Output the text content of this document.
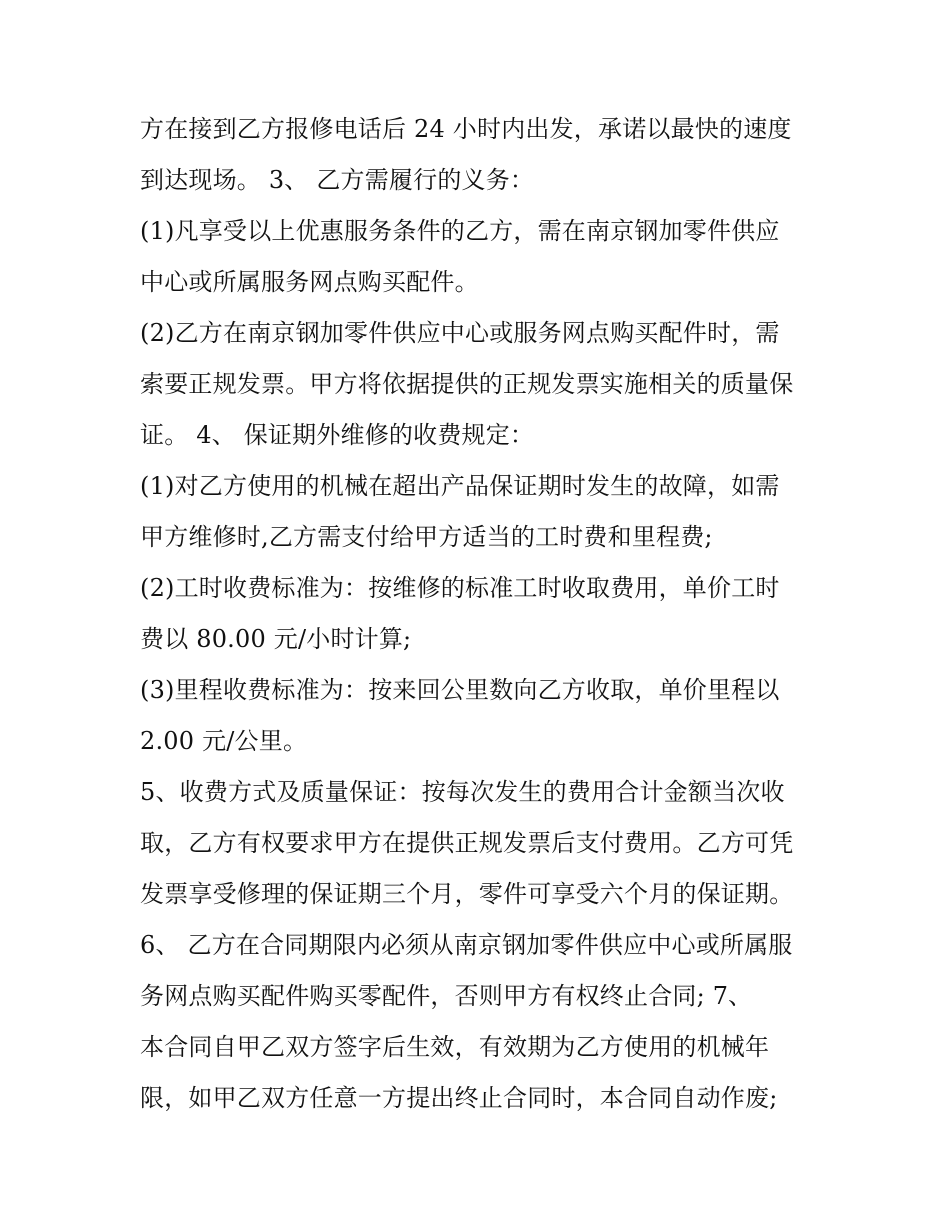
方在接到乙方报修电话后 24 小时内出发，承诺以最快的速度
到达现场。 3、 乙方需履行的义务：
(1)凡享受以上优惠服务条件的乙方，需在南京钢加零件供应
中心或所属服务网点购买配件。
(2)乙方在南京钢加零件供应中心或服务网点购买配件时，需
索要正规发票。甲方将依据提供的正规发票实施相关的质量保
证。 4、 保证期外维修的收费规定：
(1)对乙方使用的机械在超出产品保证期时发生的故障，如需
甲方维修时,乙方需支付给甲方适当的工时费和里程费;
(2)工时收费标准为：按维修的标准工时收取费用，单价工时
费以 80.00 元/小时计算;
(3)里程收费标准为：按来回公里数向乙方收取，单价里程以
2.00 元/公里。
5、收费方式及质量保证：按每次发生的费用合计金额当次收
取，乙方有权要求甲方在提供正规发票后支付费用。乙方可凭
发票享受修理的保证期三个月，零件可享受六个月的保证期。
6、 乙方在合同期限内必须从南京钢加零件供应中心或所属服
务网点购买配件购买零配件，否则甲方有权终止合同; 7、
本合同自甲乙双方签字后生效，有效期为乙方使用的机械年
限，如甲乙双方任意一方提出终止合同时，本合同自动作废;
